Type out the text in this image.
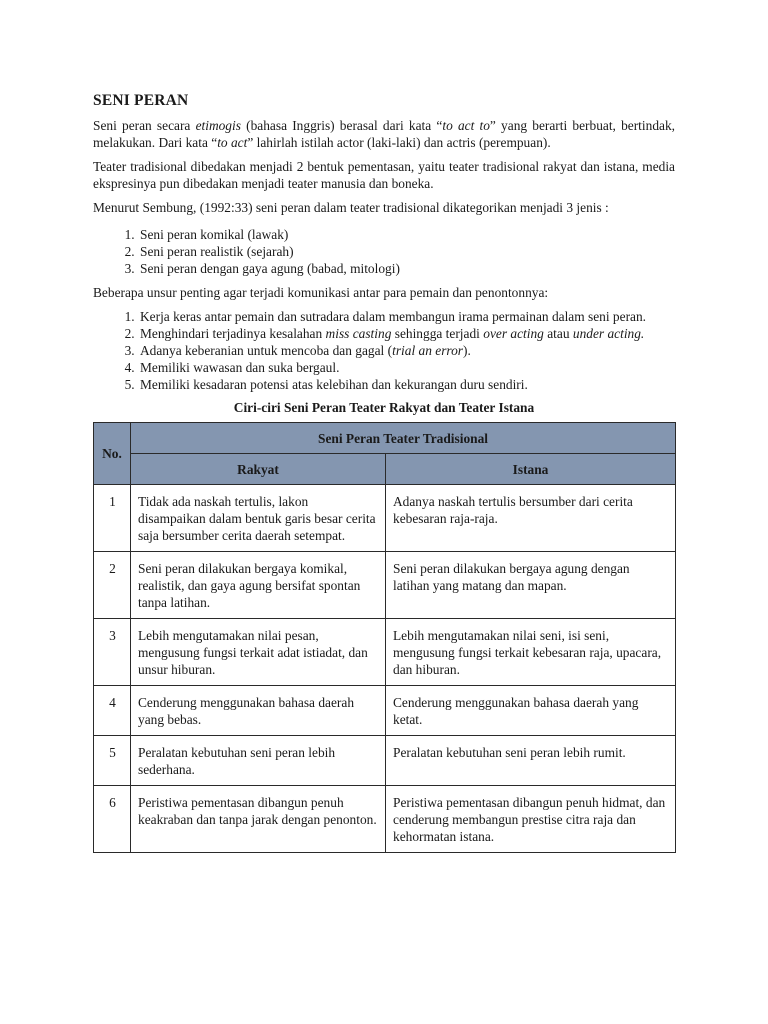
SENI PERAN

Seni peran secara etimogis (bahasa Inggris) berasal dari kata “to act to” yang berarti berbuat, bertindak, melakukan. Dari kata “to act” lahirlah istilah actor (laki-laki) dan actris (perempuan).

Teater tradisional dibedakan menjadi 2 bentuk pementasan, yaitu teater tradisional rakyat dan istana, media ekspresinya pun dibedakan menjadi teater manusia dan boneka.

Menurut Sembung, (1992:33) seni peran dalam teater tradisional dikategorikan menjadi 3 jenis :

1. Seni peran komikal (lawak)
2. Seni peran realistik (sejarah)
3. Seni peran dengan gaya agung (babad, mitologi)

Beberapa unsur penting agar terjadi komunikasi antar para pemain dan penontonnya:

1. Kerja keras antar pemain dan sutradara dalam membangun irama permainan dalam seni peran.
2. Menghindari terjadinya kesalahan miss casting sehingga terjadi over acting atau under acting.
3. Adanya keberanian untuk mencoba dan gagal (trial an error).
4. Memiliki wawasan dan suka bergaul.
5. Memiliki kesadaran potensi atas kelebihan dan kekurangan duru sendiri.
Ciri-ciri Seni Peran Teater Rakyat dan Teater Istana
No.	Seni Peran Teater Tradisional	
	Rakyat	Istana
1	Tidak ada naskah tertulis, lakon disampaikan dalam bentuk garis besar cerita saja bersumber cerita daerah setempat.	Adanya naskah tertulis bersumber dari cerita kebesaran raja-raja.
2	Seni peran dilakukan bergaya komikal, realistik, dan gaya agung bersifat spontan tanpa latihan.	Seni peran dilakukan bergaya agung dengan latihan yang matang dan mapan.
3	Lebih mengutamakan nilai pesan, mengusung fungsi terkait adat istiadat, dan unsur hiburan.	Lebih mengutamakan nilai seni, isi seni, mengusung fungsi terkait kebesaran raja, upacara, dan hiburan.
4	Cenderung menggunakan bahasa daerah yang bebas.	Cenderung menggunakan bahasa daerah yang ketat.
5	Peralatan kebutuhan seni peran lebih sederhana.	Peralatan kebutuhan seni peran lebih rumit.
6	Peristiwa pementasan dibangun penuh keakraban dan tanpa jarak dengan penonton.	Peristiwa pementasan dibangun penuh hidmat, dan cenderung membangun prestise citra raja dan kehormatan istana.
